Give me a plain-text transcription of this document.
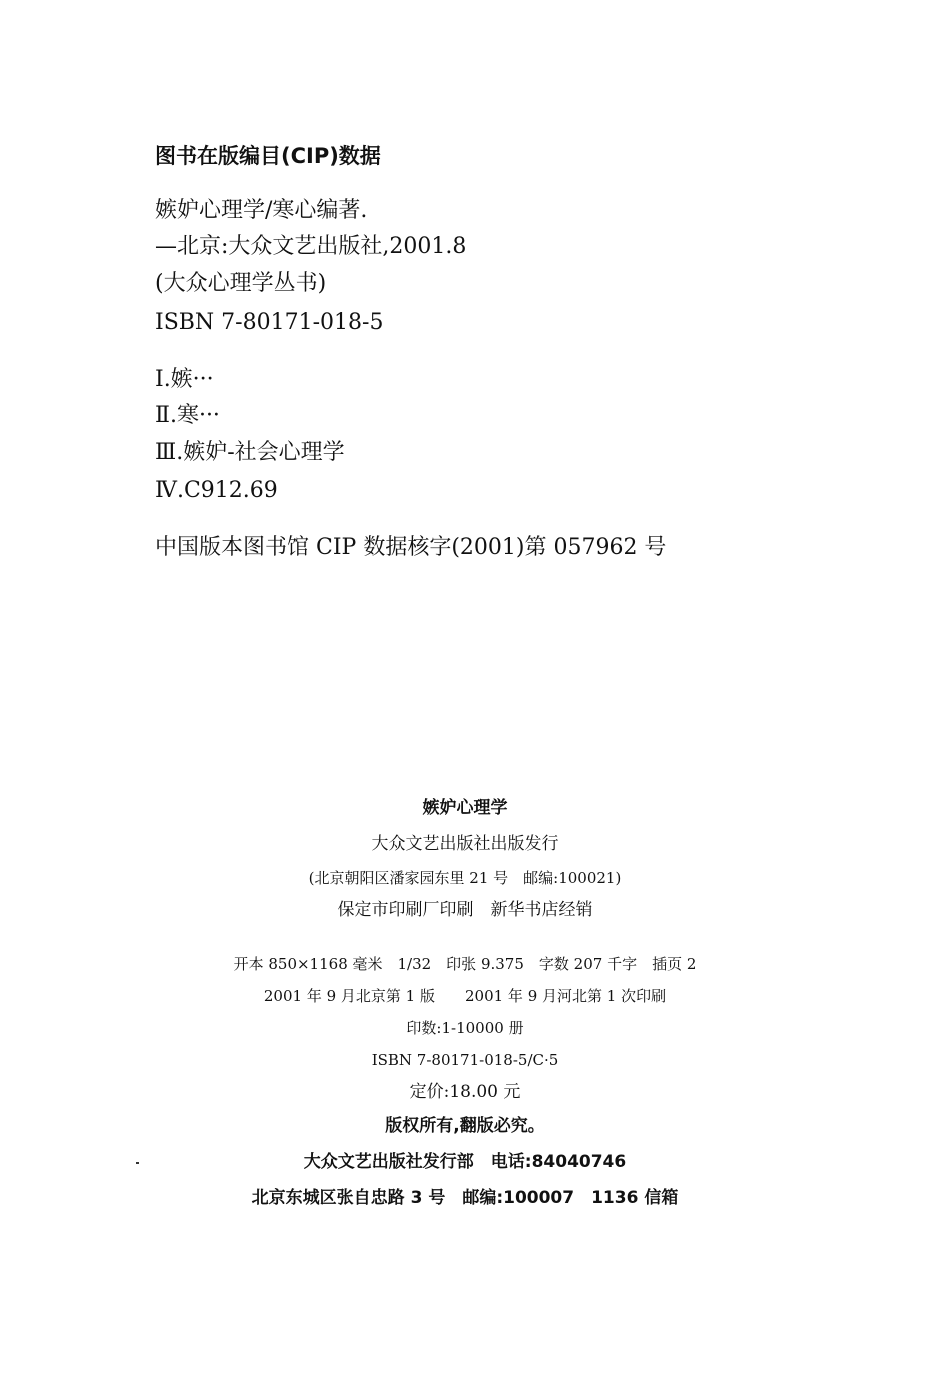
图书在版编目(CIP)数据
嫉妒心理学/寒心编著.
—北京:大众文艺出版社,2001.8
(大众心理学丛书)
ISBN 7-80171-018-5
Ⅰ.嫉···
Ⅱ.寒···
Ⅲ.嫉妒-社会心理学
Ⅳ.C912.69
中国版本图书馆 CIP 数据核字(2001)第 057962 号
嫉妒心理学
大众文艺出版社出版发行
(北京朝阳区潘家园东里 21 号　邮编:100021)
保定市印刷厂印刷　新华书店经销
开本 850×1168 毫米　1/32　印张 9.375　字数 207 千字　插页 2
2001 年 9 月北京第 1 版　　2001 年 9 月河北第 1 次印刷
印数:1-10000 册
ISBN 7-80171-018-5/C·5
定价:18.00 元
版权所有,翻版必究。
大众文艺出版社发行部　电话:84040746
北京东城区张自忠路 3 号　邮编:100007　1136 信箱
